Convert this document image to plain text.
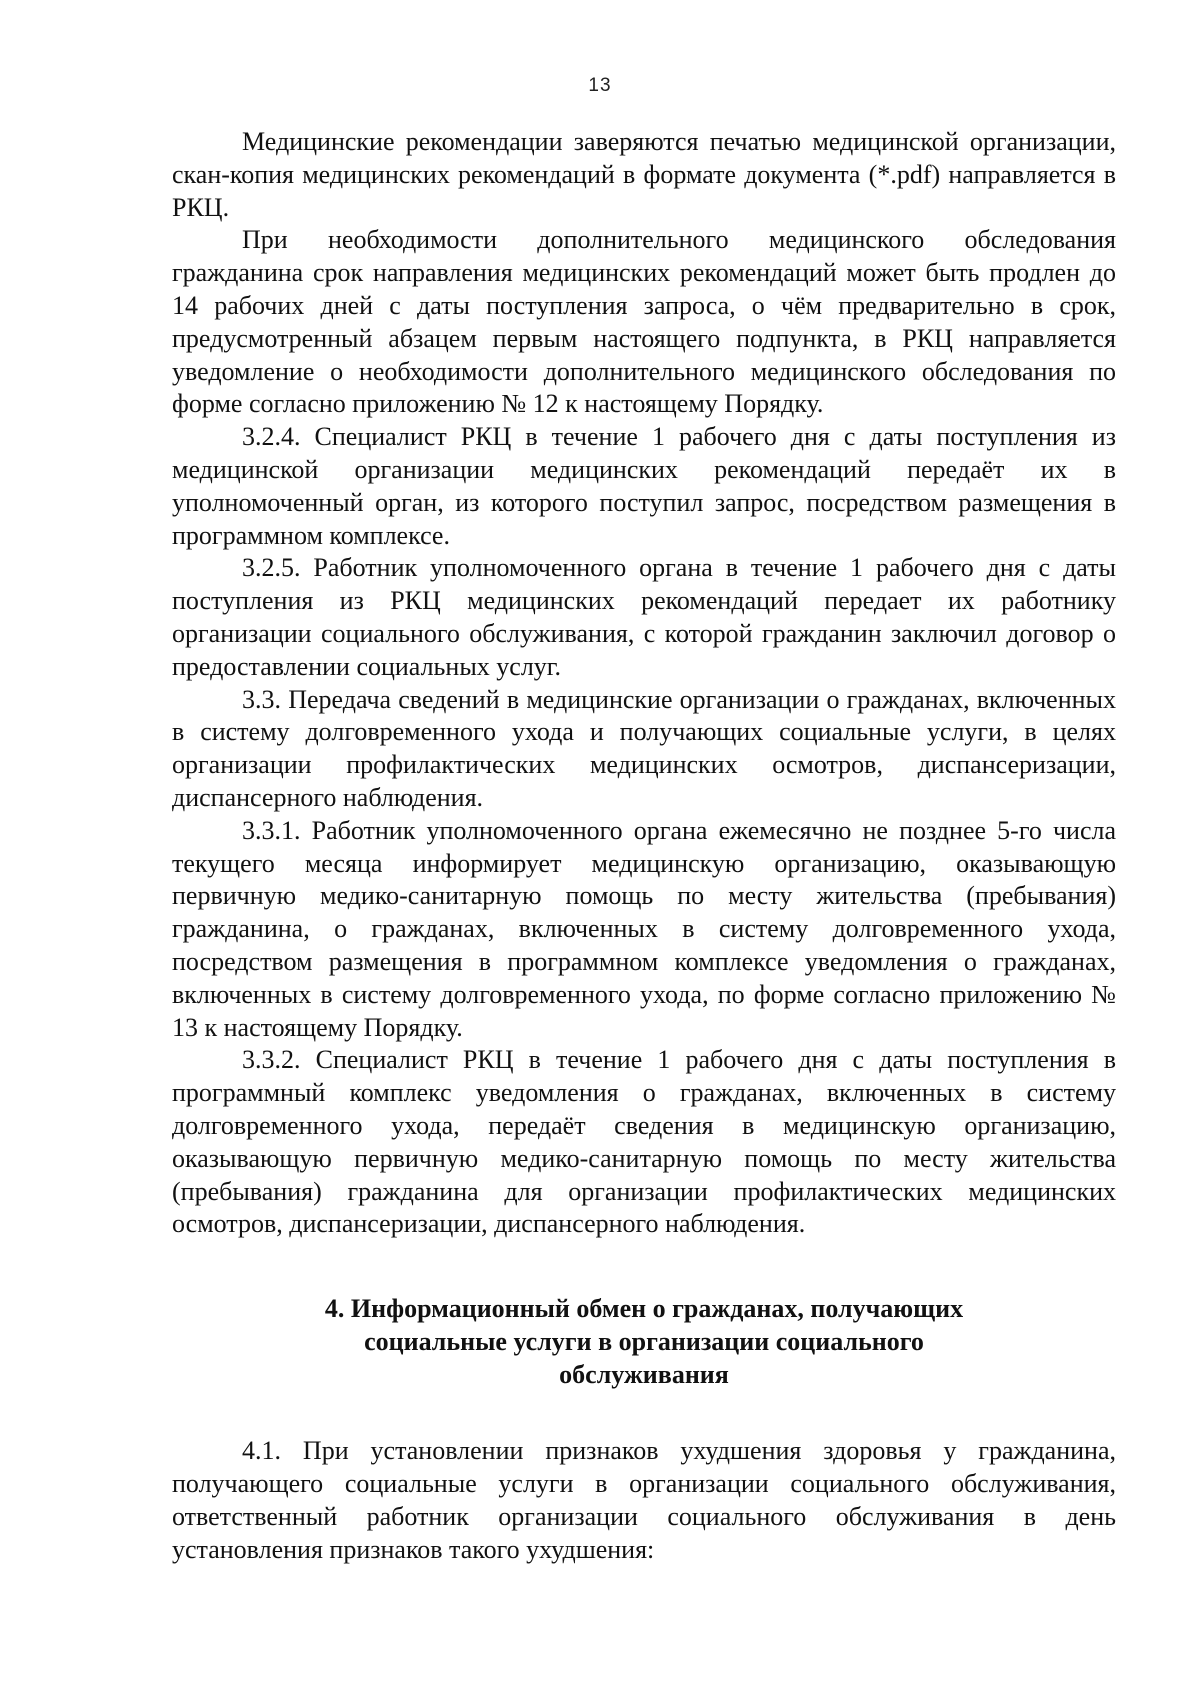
13

Медицинские рекомендации заверяются печатью медицинской организации, скан-копия медицинских рекомендаций в формате документа (*.pdf) направляется в РКЦ.

При необходимости дополнительного медицинского обследования гражданина срок направления медицинских рекомендаций может быть продлен до 14 рабочих дней с даты поступления запроса, о чём предварительно в срок, предусмотренный абзацем первым настоящего подпункта, в РКЦ направляется уведомление о необходимости дополнительного медицинского обследования по форме согласно приложению № 12 к настоящему Порядку.

3.2.4. Специалист РКЦ в течение 1 рабочего дня с даты поступления из медицинской организации медицинских рекомендаций передаёт их в уполномоченный орган, из которого поступил запрос, посредством размещения в программном комплексе.

3.2.5. Работник уполномоченного органа в течение 1 рабочего дня с даты поступления из РКЦ медицинских рекомендаций передает их работнику организации социального обслуживания, с которой гражданин заключил договор о предоставлении социальных услуг.

3.3. Передача сведений в медицинские организации о гражданах, включенных в систему долговременного ухода и получающих социальные услуги, в целях организации профилактических медицинских осмотров, диспансеризации, диспансерного наблюдения.

3.3.1. Работник уполномоченного органа ежемесячно не позднее 5-го числа текущего месяца информирует медицинскую организацию, оказывающую первичную медико-санитарную помощь по месту жительства (пребывания) гражданина, о гражданах, включенных в систему долговременного ухода, посредством размещения в программном комплексе уведомления о гражданах, включенных в систему долговременного ухода, по форме согласно приложению № 13 к настоящему Порядку.

3.3.2. Специалист РКЦ в течение 1 рабочего дня с даты поступления в программный комплекс уведомления о гражданах, включенных в систему долговременного ухода, передаёт сведения в медицинскую организацию, оказывающую первичную медико-санитарную помощь по месту жительства (пребывания) гражданина для организации профилактических медицинских осмотров, диспансеризации, диспансерного наблюдения.

4. Информационный обмен о гражданах, получающих социальные услуги в организации социального обслуживания

4.1. При установлении признаков ухудшения здоровья у гражданина, получающего социальные услуги в организации социального обслуживания, ответственный работник организации социального обслуживания в день установления признаков такого ухудшения:
